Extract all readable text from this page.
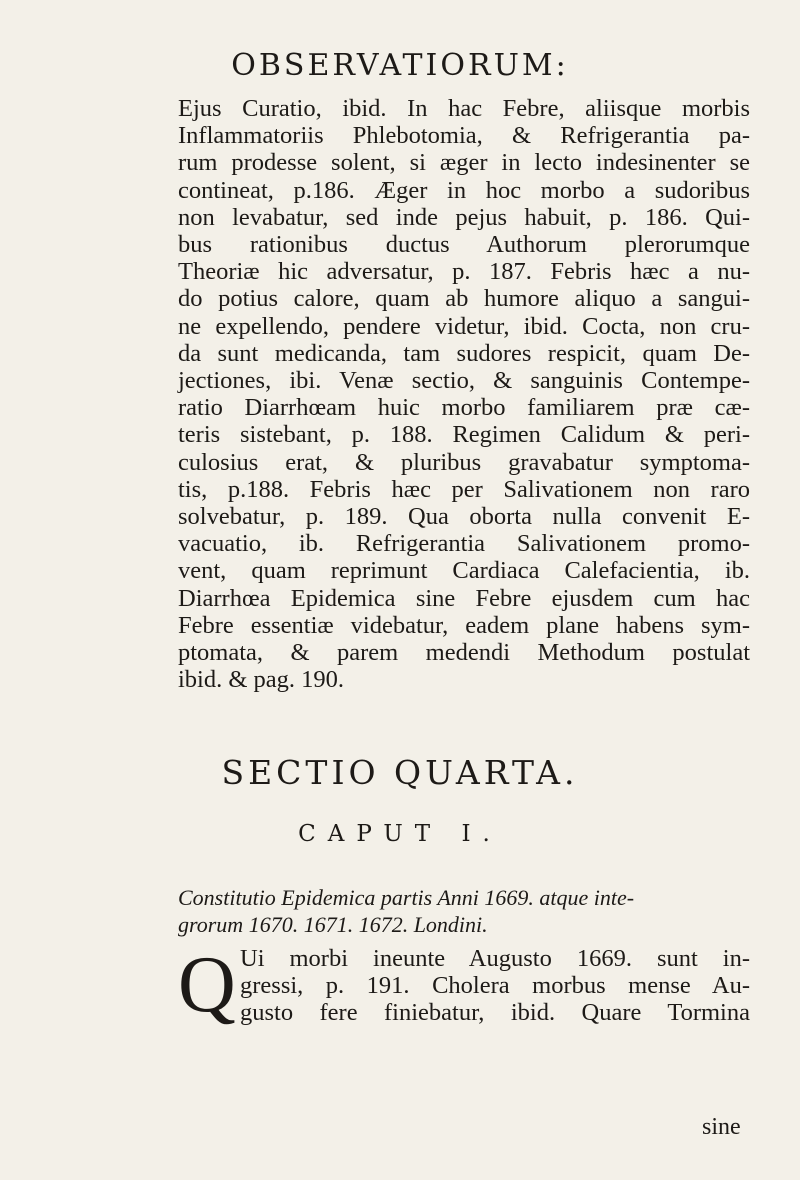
OBSERVATIORUM:
Ejus Curatio, ibid. In hac Febre, aliisque morbis
Inflammatoriis Phlebotomia, & Refrigerantia pa-
rum prodesse solent, si æger in lecto indesinenter se
contineat, p.186. Æger in hoc morbo a sudoribus
non levabatur, sed inde pejus habuit, p. 186. Qui-
bus rationibus ductus Authorum plerorumque
Theoriæ hic adversatur, p. 187. Febris hæc a nu-
do potius calore, quam ab humore aliquo a sangui-
ne expellendo, pendere videtur, ibid. Cocta, non cru-
da sunt medicanda, tam sudores respicit, quam De-
jectiones, ibi. Venæ sectio, & sanguinis Contempe-
ratio Diarrhœam huic morbo familiarem præ cæ-
teris sistebant, p. 188. Regimen Calidum & peri-
culosius erat, & pluribus gravabatur symptoma-
tis, p.188. Febris hæc per Salivationem non raro
solvebatur, p. 189. Qua oborta nulla convenit E-
vacuatio, ib. Refrigerantia Salivationem promo-
vent, quam reprimunt Cardiaca Calefacientia, ib.
Diarrhœa Epidemica sine Febre ejusdem cum hac
Febre essentiæ videbatur, eadem plane habens sym-
ptomata, & parem medendi Methodum postulat
ibid. & pag. 190.
SECTIO QUARTA.
CAPUT I.
Constitutio Epidemica partis Anni 1669. atque inte-
grorum 1670. 1671. 1672. Londini.
Q Ui morbi ineunte Augusto 1669. sunt in-
gressi, p. 191. Cholera morbus mense Au-
gusto fere finiebatur, ibid. Quare Tormina
sine
